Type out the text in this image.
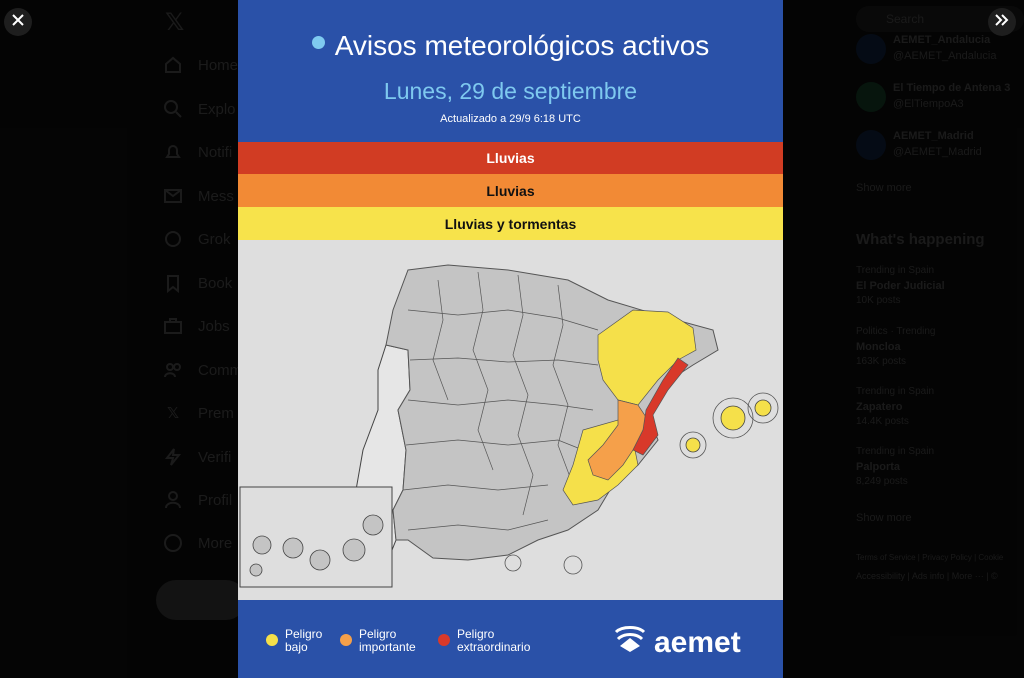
Avisos meteorológicos activos
Lunes, 29 de septiembre
Actualizado a 29/9 6:18 UTC
Lluvias
Lluvias
Lluvias y tormentas
Peligro
bajo
Peligro
importante
Peligro
extraordinario	aemet
